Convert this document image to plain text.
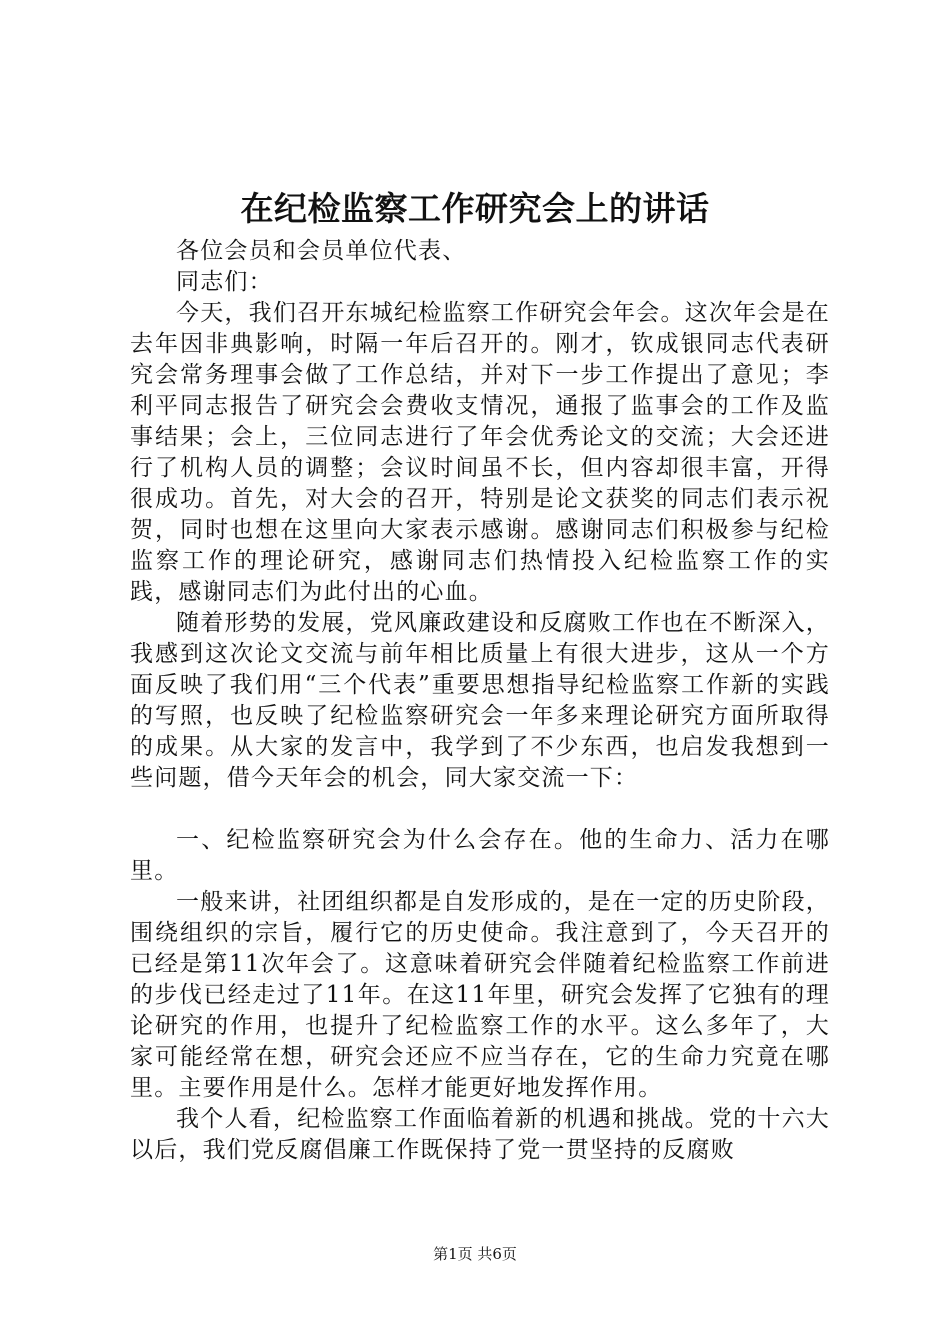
在纪检监察工作研究会上的讲话

各位会员和会员单位代表、

同志们：

今天，我们召开东城纪检监察工作研究会年会。这次年会是在去年因非典影响，时隔一年后召开的。刚才，钦成银同志代表研究会常务理事会做了工作总结，并对下一步工作提出了意见；李利平同志报告了研究会会费收支情况，通报了监事会的工作及监事结果；会上，三位同志进行了年会优秀论文的交流；大会还进行了机构人员的调整；会议时间虽不长，但内容却很丰富，开得很成功。首先，对大会的召开，特别是论文获奖的同志们表示祝贺，同时也想在这里向大家表示感谢。感谢同志们积极参与纪检监察工作的理论研究，感谢同志们热情投入纪检监察工作的实践，感谢同志们为此付出的心血。

随着形势的发展，党风廉政建设和反腐败工作也在不断深入，我感到这次论文交流与前年相比质量上有很大进步，这从一个方面反映了我们用“三个代表”重要思想指导纪检监察工作新的实践的写照，也反映了纪检监察研究会一年多来理论研究方面所取得的成果。从大家的发言中，我学到了不少东西，也启发我想到一些问题，借今天年会的机会，同大家交流一下：

一、纪检监察研究会为什么会存在。他的生命力、活力在哪里。

一般来讲，社团组织都是自发形成的，是在一定的历史阶段，围绕组织的宗旨，履行它的历史使命。我注意到了，今天召开的已经是第11次年会了。这意味着研究会伴随着纪检监察工作前进的步伐已经走过了11年。在这11年里，研究会发挥了它独有的理论研究的作用，也提升了纪检监察工作的水平。这么多年了，大家可能经常在想，研究会还应不应当存在，它的生命力究竟在哪里。主要作用是什么。怎样才能更好地发挥作用。

我个人看，纪检监察工作面临着新的机遇和挑战。党的十六大以后，我们党反腐倡廉工作既保持了党一贯坚持的反腐败

第1页 共6页
